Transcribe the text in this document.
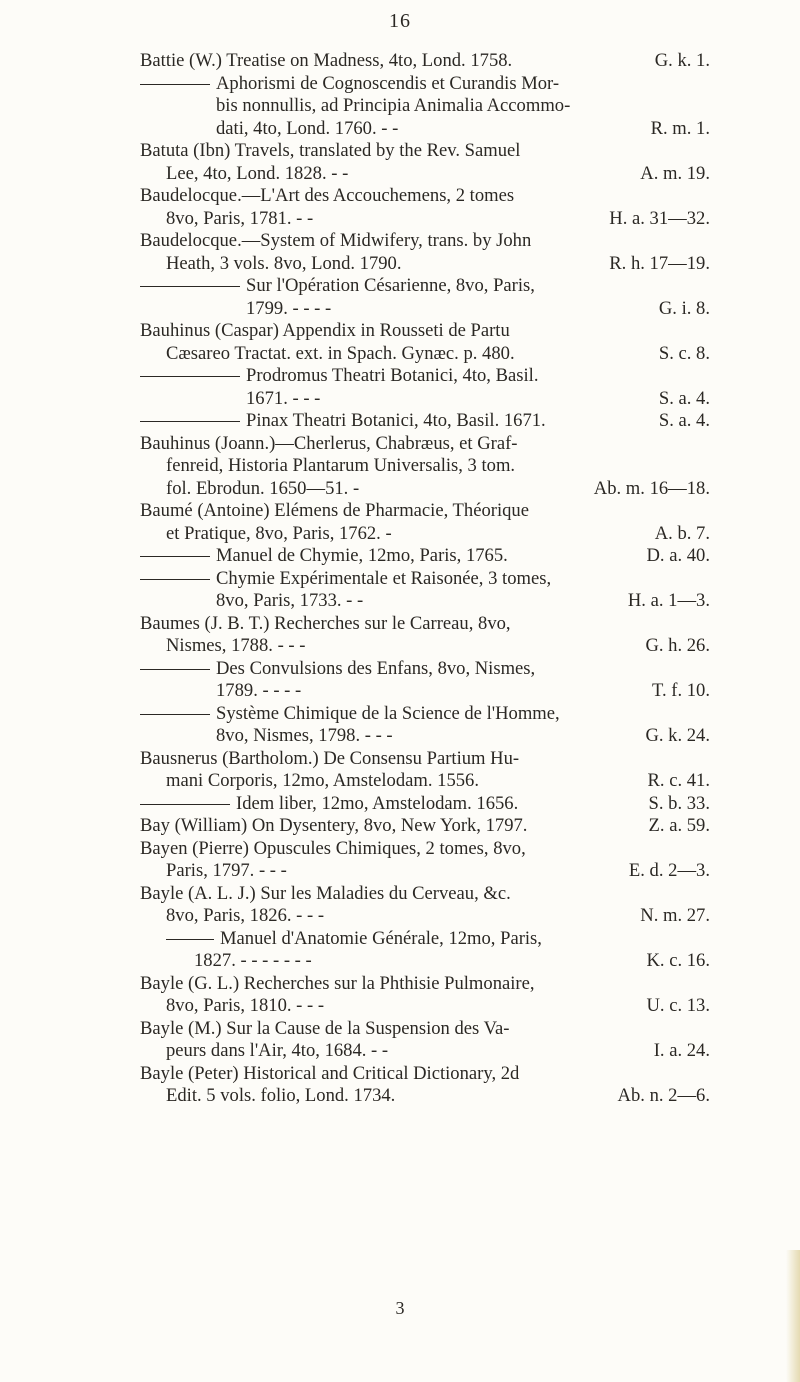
16
Battie (W.) Treatise on Madness, 4to, Lond. 1758.	G. k. 1.
Aphorismi de Cognoscendis et Curandis Mor-
bis nonnullis, ad Principia Animalia Accommo-
dati, 4to, Lond. 1760. - -	R. m. 1.
Batuta (Ibn) Travels, translated by the Rev. Samuel
Lee, 4to, Lond. 1828. - -	A. m. 19.
Baudelocque.—L'Art des Accouchemens, 2 tomes
8vo, Paris, 1781. - -	H. a. 31—32.
Baudelocque.—System of Midwifery, trans. by John
Heath, 3 vols. 8vo, Lond. 1790.	R. h. 17—19.
Sur l'Opération Césarienne, 8vo, Paris,
1799. - - - -	G. i. 8.
Bauhinus (Caspar) Appendix in Rousseti de Partu
Cæsareo Tractat. ext. in Spach. Gynæc. p. 480.	S. c. 8.
Prodromus Theatri Botanici, 4to, Basil.
1671. - - -	S. a. 4.
Pinax Theatri Botanici, 4to, Basil. 1671.	S. a. 4.
Bauhinus (Joann.)—Cherlerus, Chabræus, et Graf-
fenreid, Historia Plantarum Universalis, 3 tom.
fol. Ebrodun. 1650—51. -	Ab. m. 16—18.
Baumé (Antoine) Elémens de Pharmacie, Théorique
et Pratique, 8vo, Paris, 1762. -	A. b. 7.
Manuel de Chymie, 12mo, Paris, 1765.	D. a. 40.
Chymie Expérimentale et Raisonée, 3 tomes,
8vo, Paris, 1733. - -	H. a. 1—3.
Baumes (J. B. T.) Recherches sur le Carreau, 8vo,
Nismes, 1788. - - -	G. h. 26.
Des Convulsions des Enfans, 8vo, Nismes,
1789. - - - -	T. f. 10.
Système Chimique de la Science de l'Homme,
8vo, Nismes, 1798. - - -	G. k. 24.
Bausnerus (Bartholom.) De Consensu Partium Hu-
mani Corporis, 12mo, Amstelodam. 1556.	R. c. 41.
Idem liber, 12mo, Amstelodam. 1656.	S. b. 33.
Bay (William) On Dysentery, 8vo, New York, 1797.	Z. a. 59.
Bayen (Pierre) Opuscules Chimiques, 2 tomes, 8vo,
Paris, 1797. - - -	E. d. 2—3.
Bayle (A. L. J.) Sur les Maladies du Cerveau, &c.
8vo, Paris, 1826. - - -	N. m. 27.
Manuel d'Anatomie Générale, 12mo, Paris,
1827. - - - - - - -	K. c. 16.
Bayle (G. L.) Recherches sur la Phthisie Pulmonaire,
8vo, Paris, 1810. - - -	U. c. 13.
Bayle (M.) Sur la Cause de la Suspension des Va-
peurs dans l'Air, 4to, 1684. - -	I. a. 24.
Bayle (Peter) Historical and Critical Dictionary, 2d
Edit. 5 vols. folio, Lond. 1734.	Ab. n. 2—6.
3
